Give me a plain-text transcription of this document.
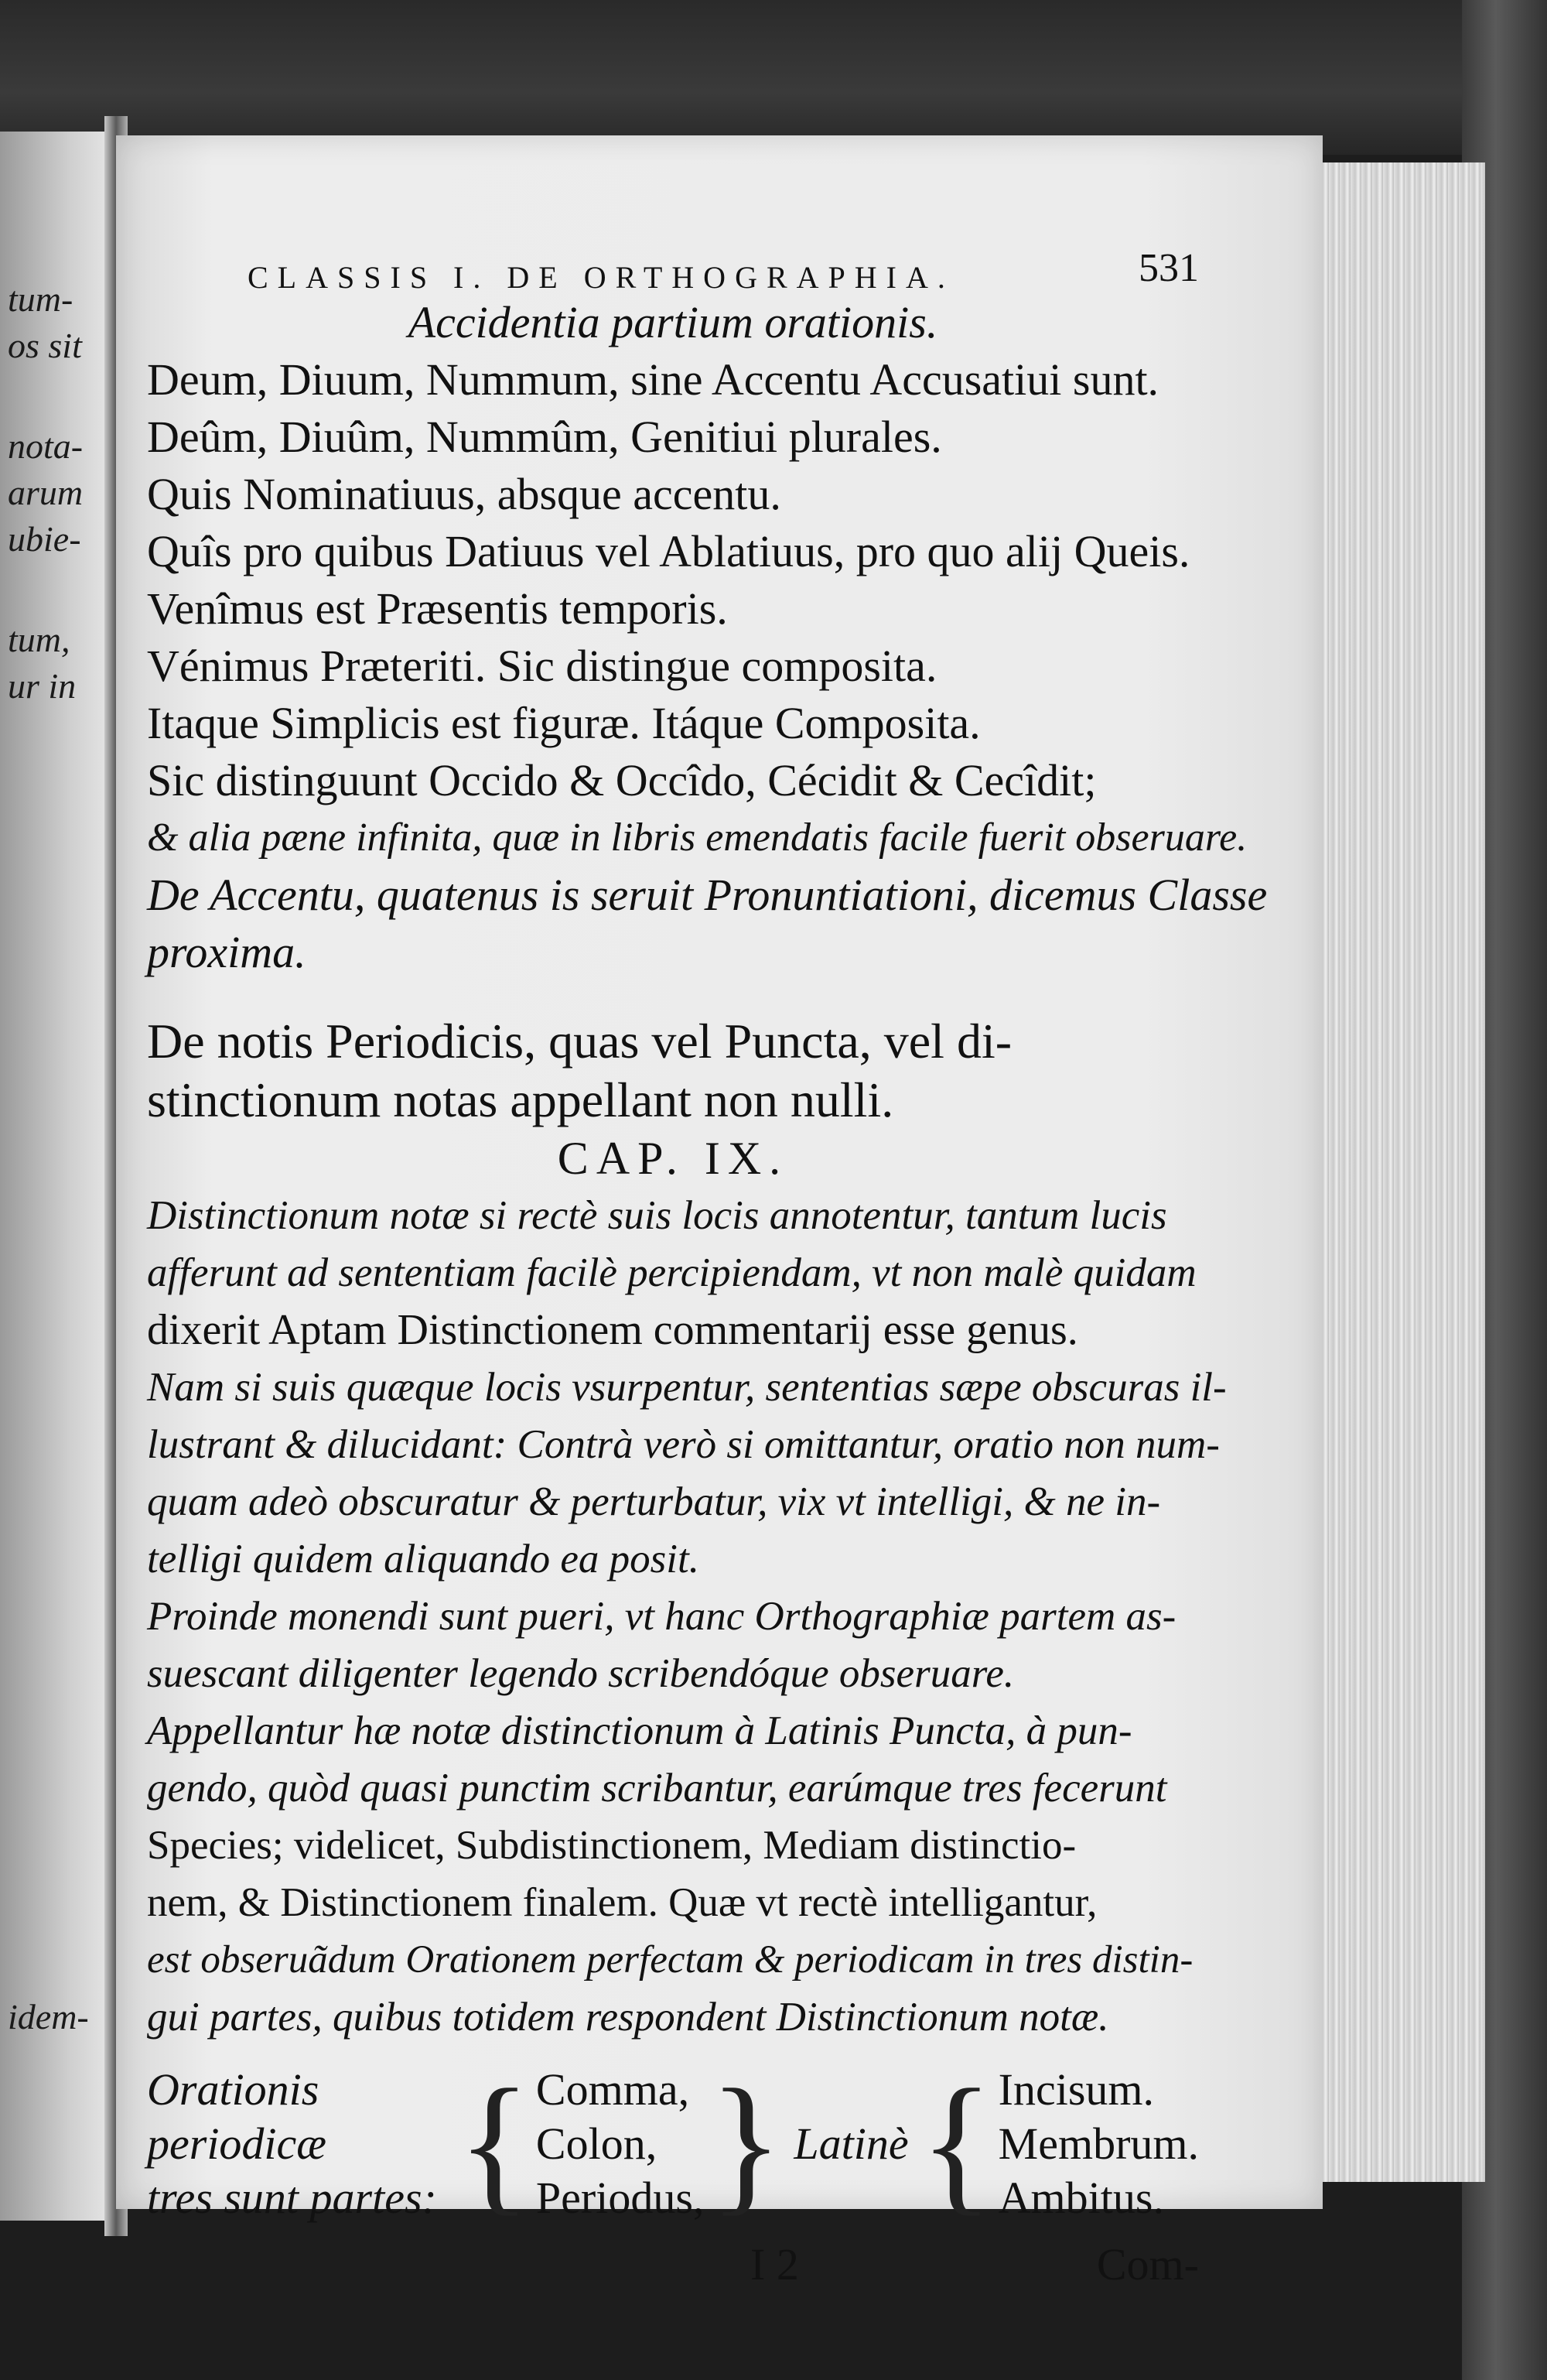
tum-
os sit
nota-
arum
ubie-
tum,
ur in
idem-
CLASSIS I. DE ORTHOGRAPHIA.	531
Accidentia partium orationis.
Deum, Diuum, Nummum, sine Accentu Accusatiui sunt.
Deûm, Diuûm, Nummûm, Genitiui plurales.
Quis Nominatiuus, absque accentu.
Quîs pro quibus Datiuus vel Ablatiuus, pro quo alij Queis.
Venîmus est Præsentis temporis.
Vénimus Præteriti. Sic distingue composita.
Itaque Simplicis est figuræ. Itáque Composita.
Sic distinguunt Occido & Occîdo, Cécidit & Cecîdit;
& alia pæne infinita, quæ in libris emendatis facile fuerit obseruare.
De Accentu, quatenus is seruit Pronuntiationi, dicemus Classe
proxima.
De notis Periodicis, quas vel Puncta, vel di-
stinctionum notas appellant non nulli.
CAP. IX.
Distinctionum notæ si rectè suis locis annotentur, tantum lucis
afferunt ad sententiam facilè percipiendam, vt non malè quidam
dixerit Aptam Distinctionem commentarij esse genus.
Nam si suis quæque locis vsurpentur, sententias sæpe obscuras il-
lustrant & dilucidant: Contrà verò si omittantur, oratio non num-
quam adeò obscuratur & perturbatur, vix vt intelligi, & ne in-
telligi quidem aliquando ea posit.
Proinde monendi sunt pueri, vt hanc Orthographiæ partem as-
suescant diligenter legendo scribendóque obseruare.
Appellantur hæ notæ distinctionum à Latinis Puncta, à pun-
gendo, quòd quasi punctim scribantur, earúmque tres fecerunt
Species; videlicet, Subdistinctionem, Mediam distinctio-
nem, & Distinctionem finalem. Quæ vt rectè intelligantur,
est obseruãdum Orationem perfectam & periodicam in tres distin-
gui partes, quibus totidem respondent Distinctionum notæ.
Orationis periodicæ
tres sunt partes: { Comma,
Colon,
Periodus, } Latinè { Incisum.
Membrum.
Ambitus.
I 2	Com-
